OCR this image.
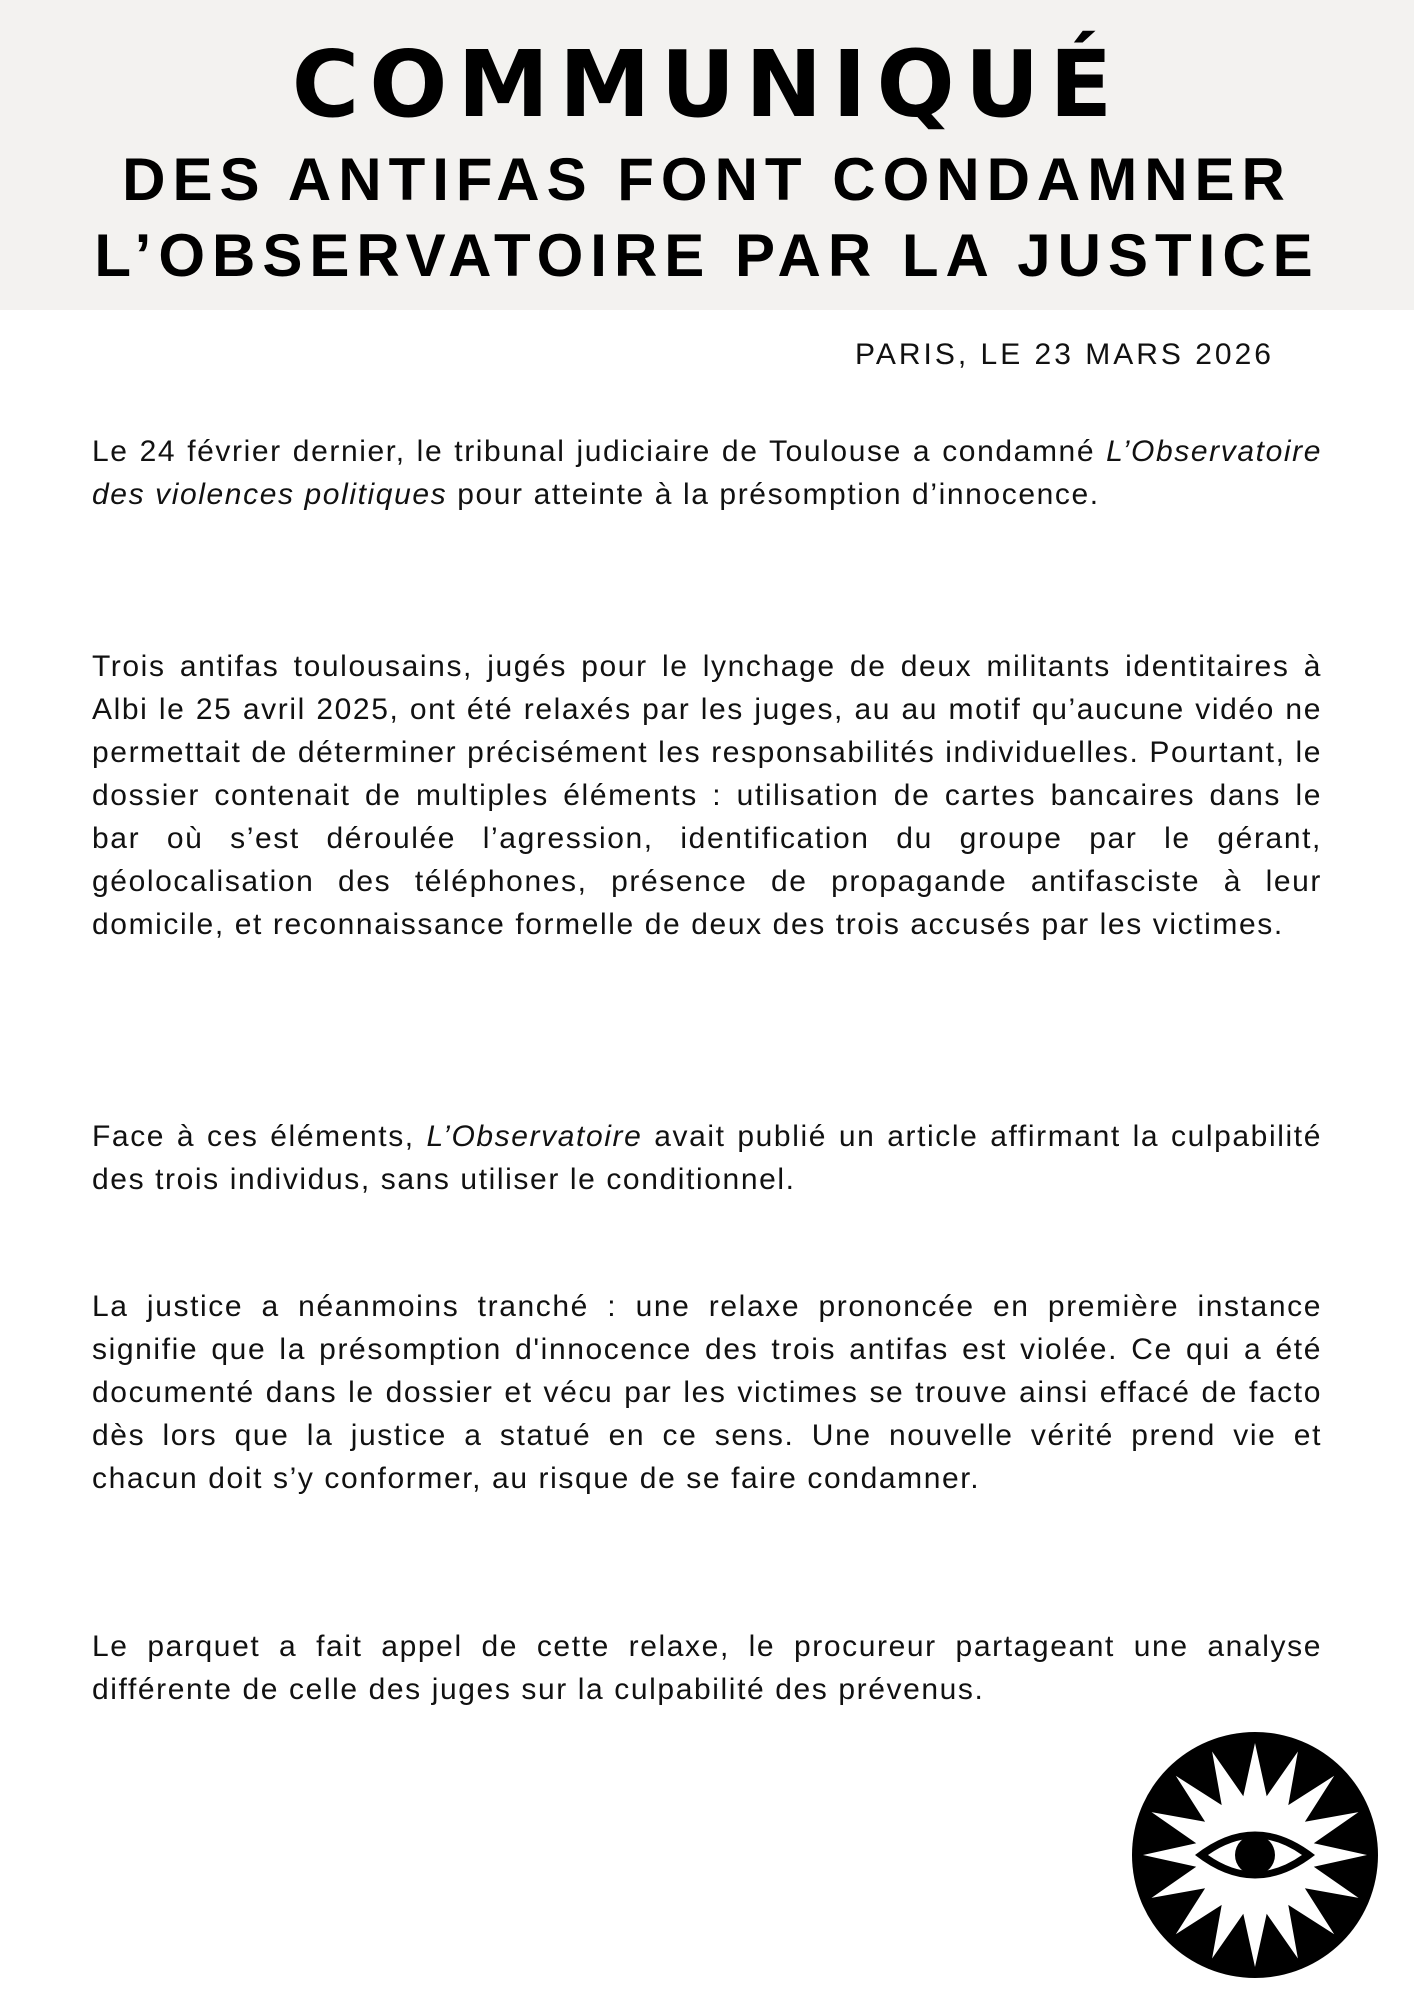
COMMUNIQUÉ
DES ANTIFAS FONT CONDAMNER
L’OBSERVATOIRE PAR LA JUSTICE
PARIS, LE 23 MARS 2026

Le 24 février dernier, le tribunal judiciaire de Toulouse a condamné L’Observatoire des violences politiques pour atteinte à la présomption d’innocence.

Trois antifas toulousains, jugés pour le lynchage de deux militants identitaires à Albi le 25 avril 2025, ont été relaxés par les juges, au au motif qu’aucune vidéo ne permettait de déterminer précisément les responsabilités individuelles. Pourtant, le dossier contenait de multiples éléments : utilisation de cartes bancaires dans le bar où s’est déroulée l’agression, identification du groupe par le gérant, géolocalisation des téléphones, présence de propagande antifasciste à leur domicile, et reconnaissance formelle de deux des trois accusés par les victimes.

Face à ces éléments, L’Observatoire avait publié un article affirmant la culpabilité des trois individus, sans utiliser le conditionnel.

La justice a néanmoins tranché : une relaxe prononcée en première instance signifie que la présomption d'innocence des trois antifas est violée. Ce qui a été documenté dans le dossier et vécu par les victimes se trouve ainsi effacé de facto dès lors que la justice a statué en ce sens. Une nouvelle vérité prend vie et chacun doit s’y conformer, au risque de se faire condamner.

Le parquet a fait appel de cette relaxe, le procureur partageant une analyse différente de celle des juges sur la culpabilité des prévenus.
